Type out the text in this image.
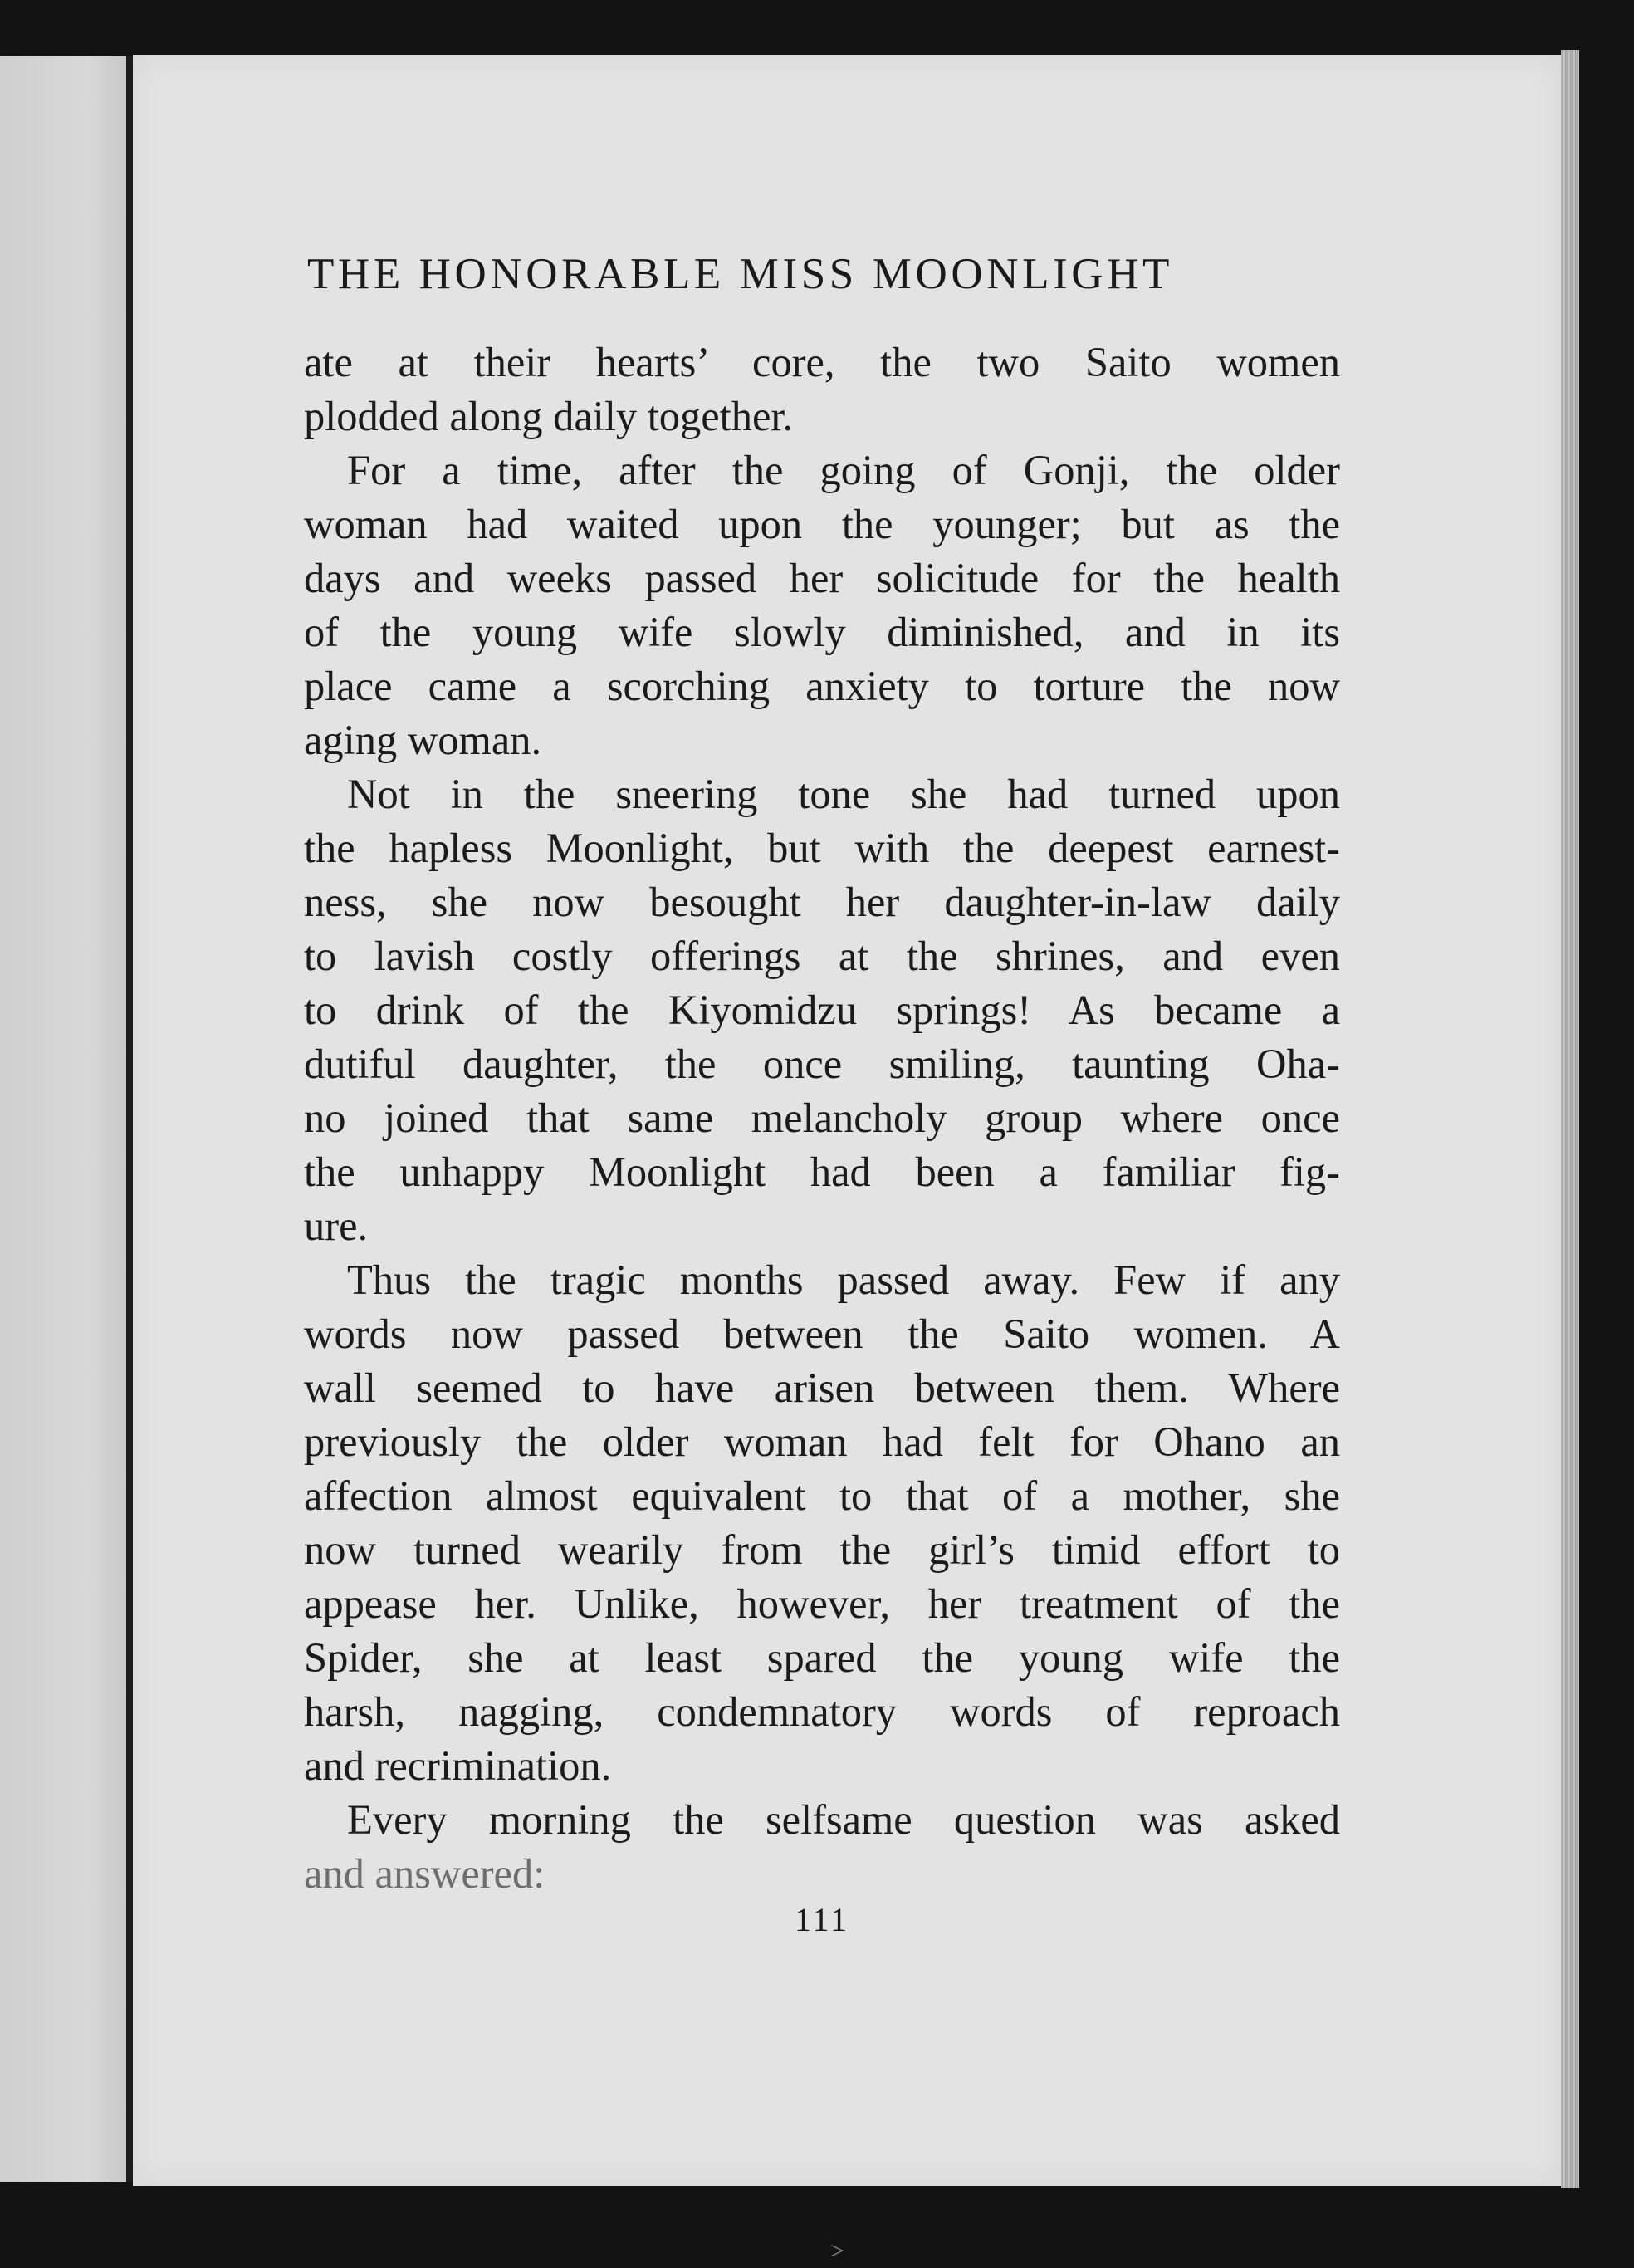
THE HONORABLE MISS MOONLIGHT
ate at their hearts’ core, the two Saito women
plodded along daily together.
For a time, after the going of Gonji, the older
woman had waited upon the younger; but as the
days and weeks passed her solicitude for the health
of the young wife slowly diminished, and in its
place came a scorching anxiety to torture the now
aging woman.
Not in the sneering tone she had turned upon
the hapless Moonlight, but with the deepest earnest-
ness, she now besought her daughter-in-law daily
to lavish costly offerings at the shrines, and even
to drink of the Kiyomidzu springs! As became a
dutiful daughter, the once smiling, taunting Oha-
no joined that same melancholy group where once
the unhappy Moonlight had been a familiar fig-
ure.
Thus the tragic months passed away. Few if any
words now passed between the Saito women. A
wall seemed to have arisen between them. Where
previously the older woman had felt for Ohano an
affection almost equivalent to that of a mother, she
now turned wearily from the girl’s timid effort to
appease her. Unlike, however, her treatment of the
Spider, she at least spared the young wife the
harsh, nagging, condemnatory words of reproach
and recrimination.
Every morning the selfsame question was asked
and answered:
111
>
